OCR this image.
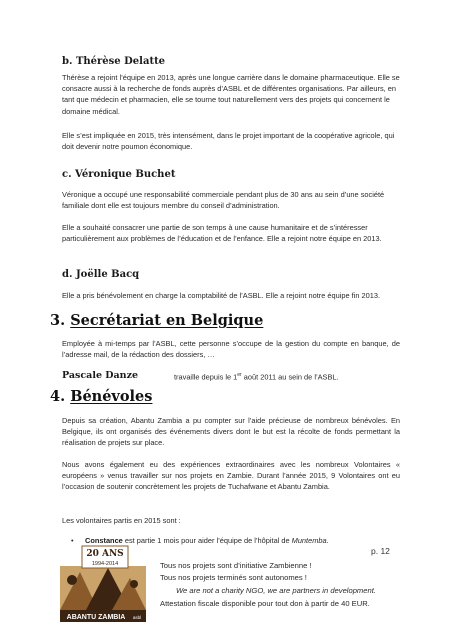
b. Thérèse Delatte

Thérèse a rejoint l’équipe en 2013, après une longue carrière dans le domaine pharmaceutique. Elle se consacre aussi à la recherche de fonds auprès d’ASBL et de différentes organisations. Par ailleurs, en tant que médecin et pharmacien, elle se tourne tout naturellement vers des projets qui concernent le domaine médical.

Elle s’est impliquée en 2015, très intensément, dans le projet important de la coopérative agricole, qui doit devenir notre poumon économique.

c. Véronique Buchet

Véronique a occupé une responsabilité commerciale pendant plus de 30 ans au sein d’une société familiale dont elle est toujours membre du conseil d’administration.

Elle a souhaité consacrer une partie de son temps à une cause humanitaire et de s’intéresser particulièrement aux problèmes de l’éducation et de l’enfance. Elle a rejoint notre équipe en 2013.

d. Joëlle Bacq

Elle a pris bénévolement en charge la comptabilité de l’ASBL. Elle a rejoint notre équipe fin 2013.

3. Secrétariat en Belgique

Employée à mi-temps par l’ASBL, cette personne s’occupe de la gestion du compte en banque, de l’adresse mail, de la rédaction des dossiers, …

Pascale Danze	travaille depuis le 1er août 2011 au sein de l’ASBL.
4. Bénévoles

Depuis sa création, Abantu Zambia a pu compter sur l’aide précieuse de nombreux bénévoles. En Belgique, ils ont organisés des événements divers dont le but est la récolte de fonds permettant la réalisation de projets sur place.

Nous avons également eu des expériences extraordinaires avec les nombreux Volontaires « européens » venus travailler sur nos projets en Zambie. Durant l’année 2015, 9 Volontaires ont eu l’occasion de soutenir concrètement les projets de Tuchafwane et Abantu Zambia.

Les volontaires partis en 2015 sont :

• Constance est partie 1 mois pour aider l’équipe de l’hôpital de Muntemba.
p. 12
20 ANS
1994-2014
ABANTU ZAMBIA asbl
Tous nos projets sont d’initiative Zambienne !
Tous nos projets terminés sont autonomes !
We are not a charity NGO, we are partners in development.
Attestation fiscale disponible pour tout don à partir de 40 EUR.
